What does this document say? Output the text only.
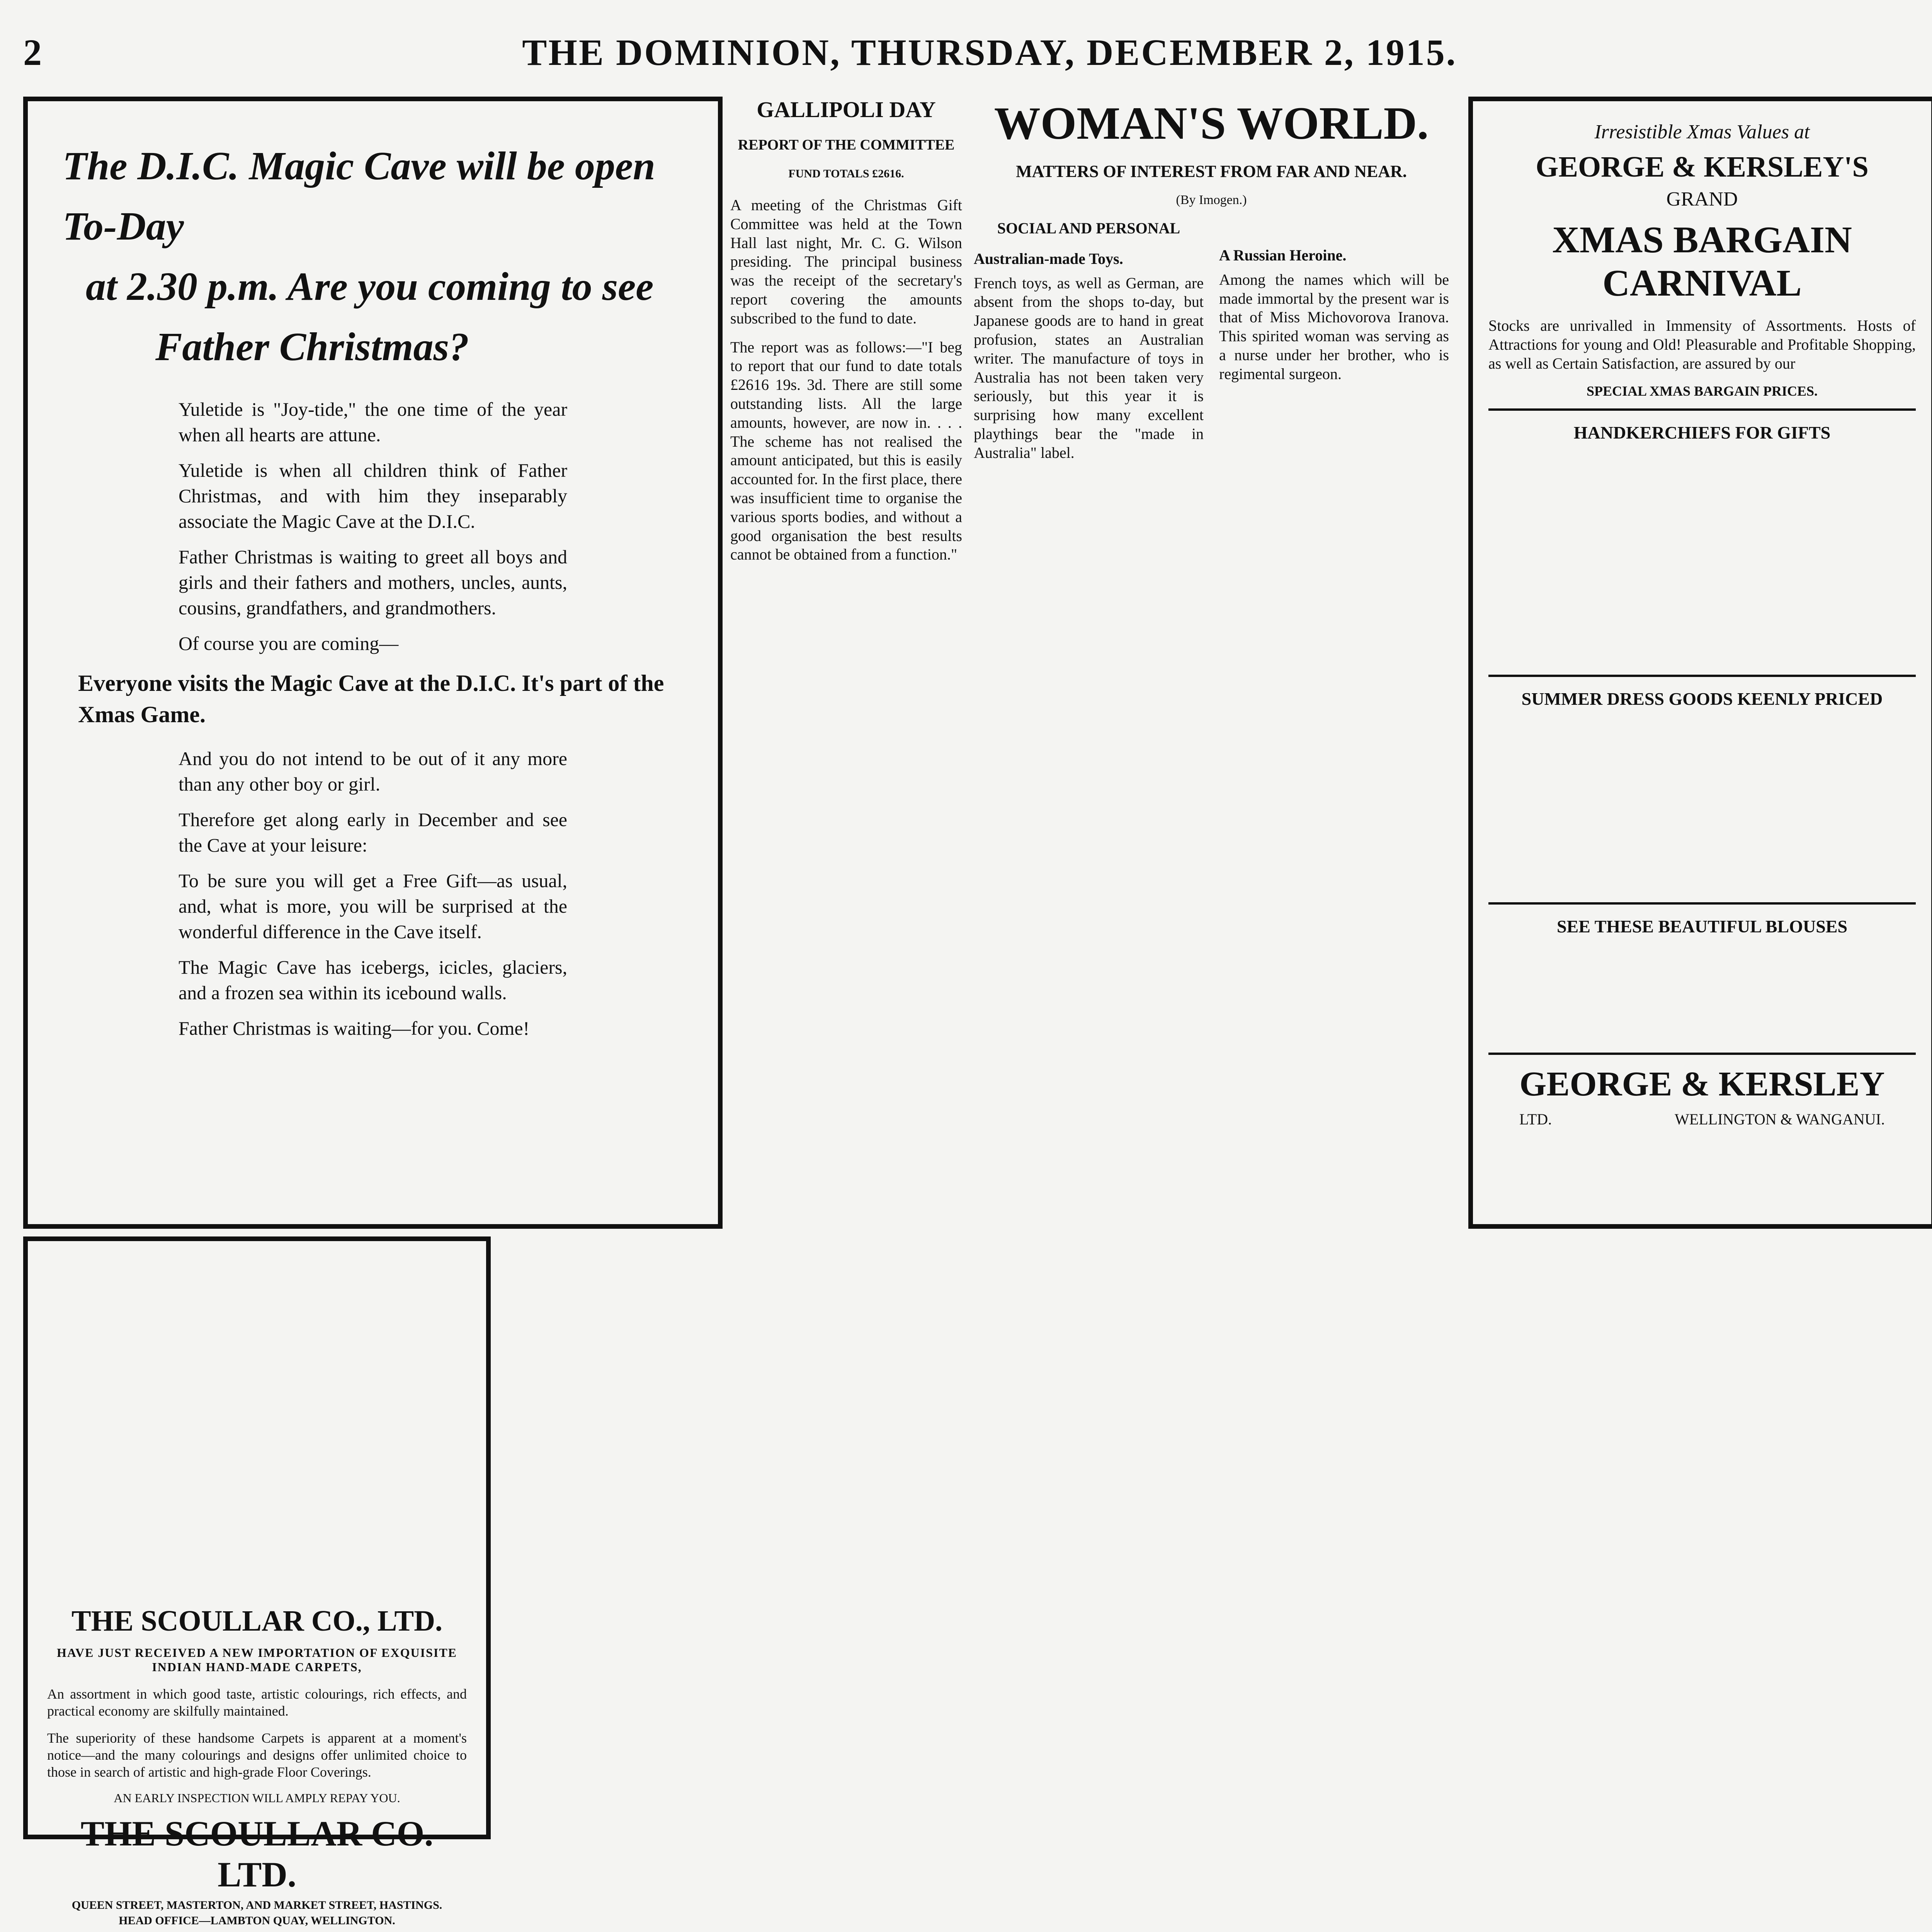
2	THE DOMINION, THURSDAY, DECEMBER 2, 1915.
The D.I.C. Magic Cave will be open To-Day
at 2.30 p.m. Are you coming to see
Father Christmas?

Yuletide is "Joy-tide," the one time of the year when all hearts are attune.

Yuletide is when all children think of Father Christmas, and with him they inseparably associate the Magic Cave at the D.I.C.

Father Christmas is waiting to greet all boys and girls and their fathers and mothers, uncles, aunts, cousins, grandfathers, and grandmothers.

Of course you are coming—

Everyone visits the Magic Cave at the D.I.C. It's part of the Xmas Game.

And you do not intend to be out of it any more than any other boy or girl.

Therefore get along early in December and see the Cave at your leisure:

To be sure you will get a Free Gift—as usual, and, what is more, you will be surprised at the wonderful difference in the Cave itself.

The Magic Cave has icebergs, icicles, glaciers, and a frozen sea within its icebound walls.

Father Christmas is waiting—for you. Come!

GALLIPOLI DAY
REPORT OF THE COMMITTEE
FUND TOTALS £2616.

A meeting of the Christmas Gift Committee was held at the Town Hall last night, Mr. C. G. Wilson presiding. The principal business was the receipt of the secretary's report covering the amounts subscribed to the fund to date.

The report was as follows:—"I beg to report that our fund to date totals £2616 19s. 3d. There are still some outstanding lists. All the large amounts, however, are now in. . . . The scheme has not realised the amount anticipated, but this is easily accounted for. In the first place, there was insufficient time to organise the various sports bodies, and without a good organisation the best results cannot be obtained from a function."

WOMAN'S WORLD.
MATTERS OF INTEREST FROM FAR AND NEAR.
(By Imogen.)
SOCIAL AND PERSONAL
Australian-made Toys.

French toys, as well as German, are absent from the shops to-day, but Japanese goods are to hand in great profusion, states an Australian writer. The manufacture of toys in Australia has not been taken very seriously, but this year it is surprising how many excellent playthings bear the "made in Australia" label.

A Russian Heroine.

Among the names which will be made immortal by the present war is that of Miss Michovorova Iranova. This spirited woman was serving as a nurse under her brother, who is regimental surgeon.

Irresistible Xmas Values at
GEORGE & KERSLEY'S
GRAND
XMAS BARGAIN CARNIVAL

Stocks are unrivalled in Immensity of Assortments. Hosts of Attractions for young and Old! Pleasurable and Profitable Shopping, as well as Certain Satisfaction, are assured by our

SPECIAL XMAS BARGAIN PRICES.
HANDKERCHIEFS FOR GIFTS
SUMMER DRESS GOODS KEENLY PRICED
SEE THESE BEAUTIFUL BLOUSES
GEORGE & KERSLEY
LTD.	WELLINGTON & WANGANUI.
THE SCOULLAR CO., LTD.
HAVE JUST RECEIVED A NEW IMPORTATION OF EXQUISITE INDIAN HAND-MADE CARPETS,

An assortment in which good taste, artistic colourings, rich effects, and practical economy are skilfully maintained.

The superiority of these handsome Carpets is apparent at a moment's notice—and the many colourings and designs offer unlimited choice to those in search of artistic and high-grade Floor Coverings.

AN EARLY INSPECTION WILL AMPLY REPAY YOU.
THE SCOULLAR CO. LTD.
QUEEN STREET, MASTERTON, AND MARKET STREET, HASTINGS.
HEAD OFFICE—LAMBTON QUAY, WELLINGTON.
